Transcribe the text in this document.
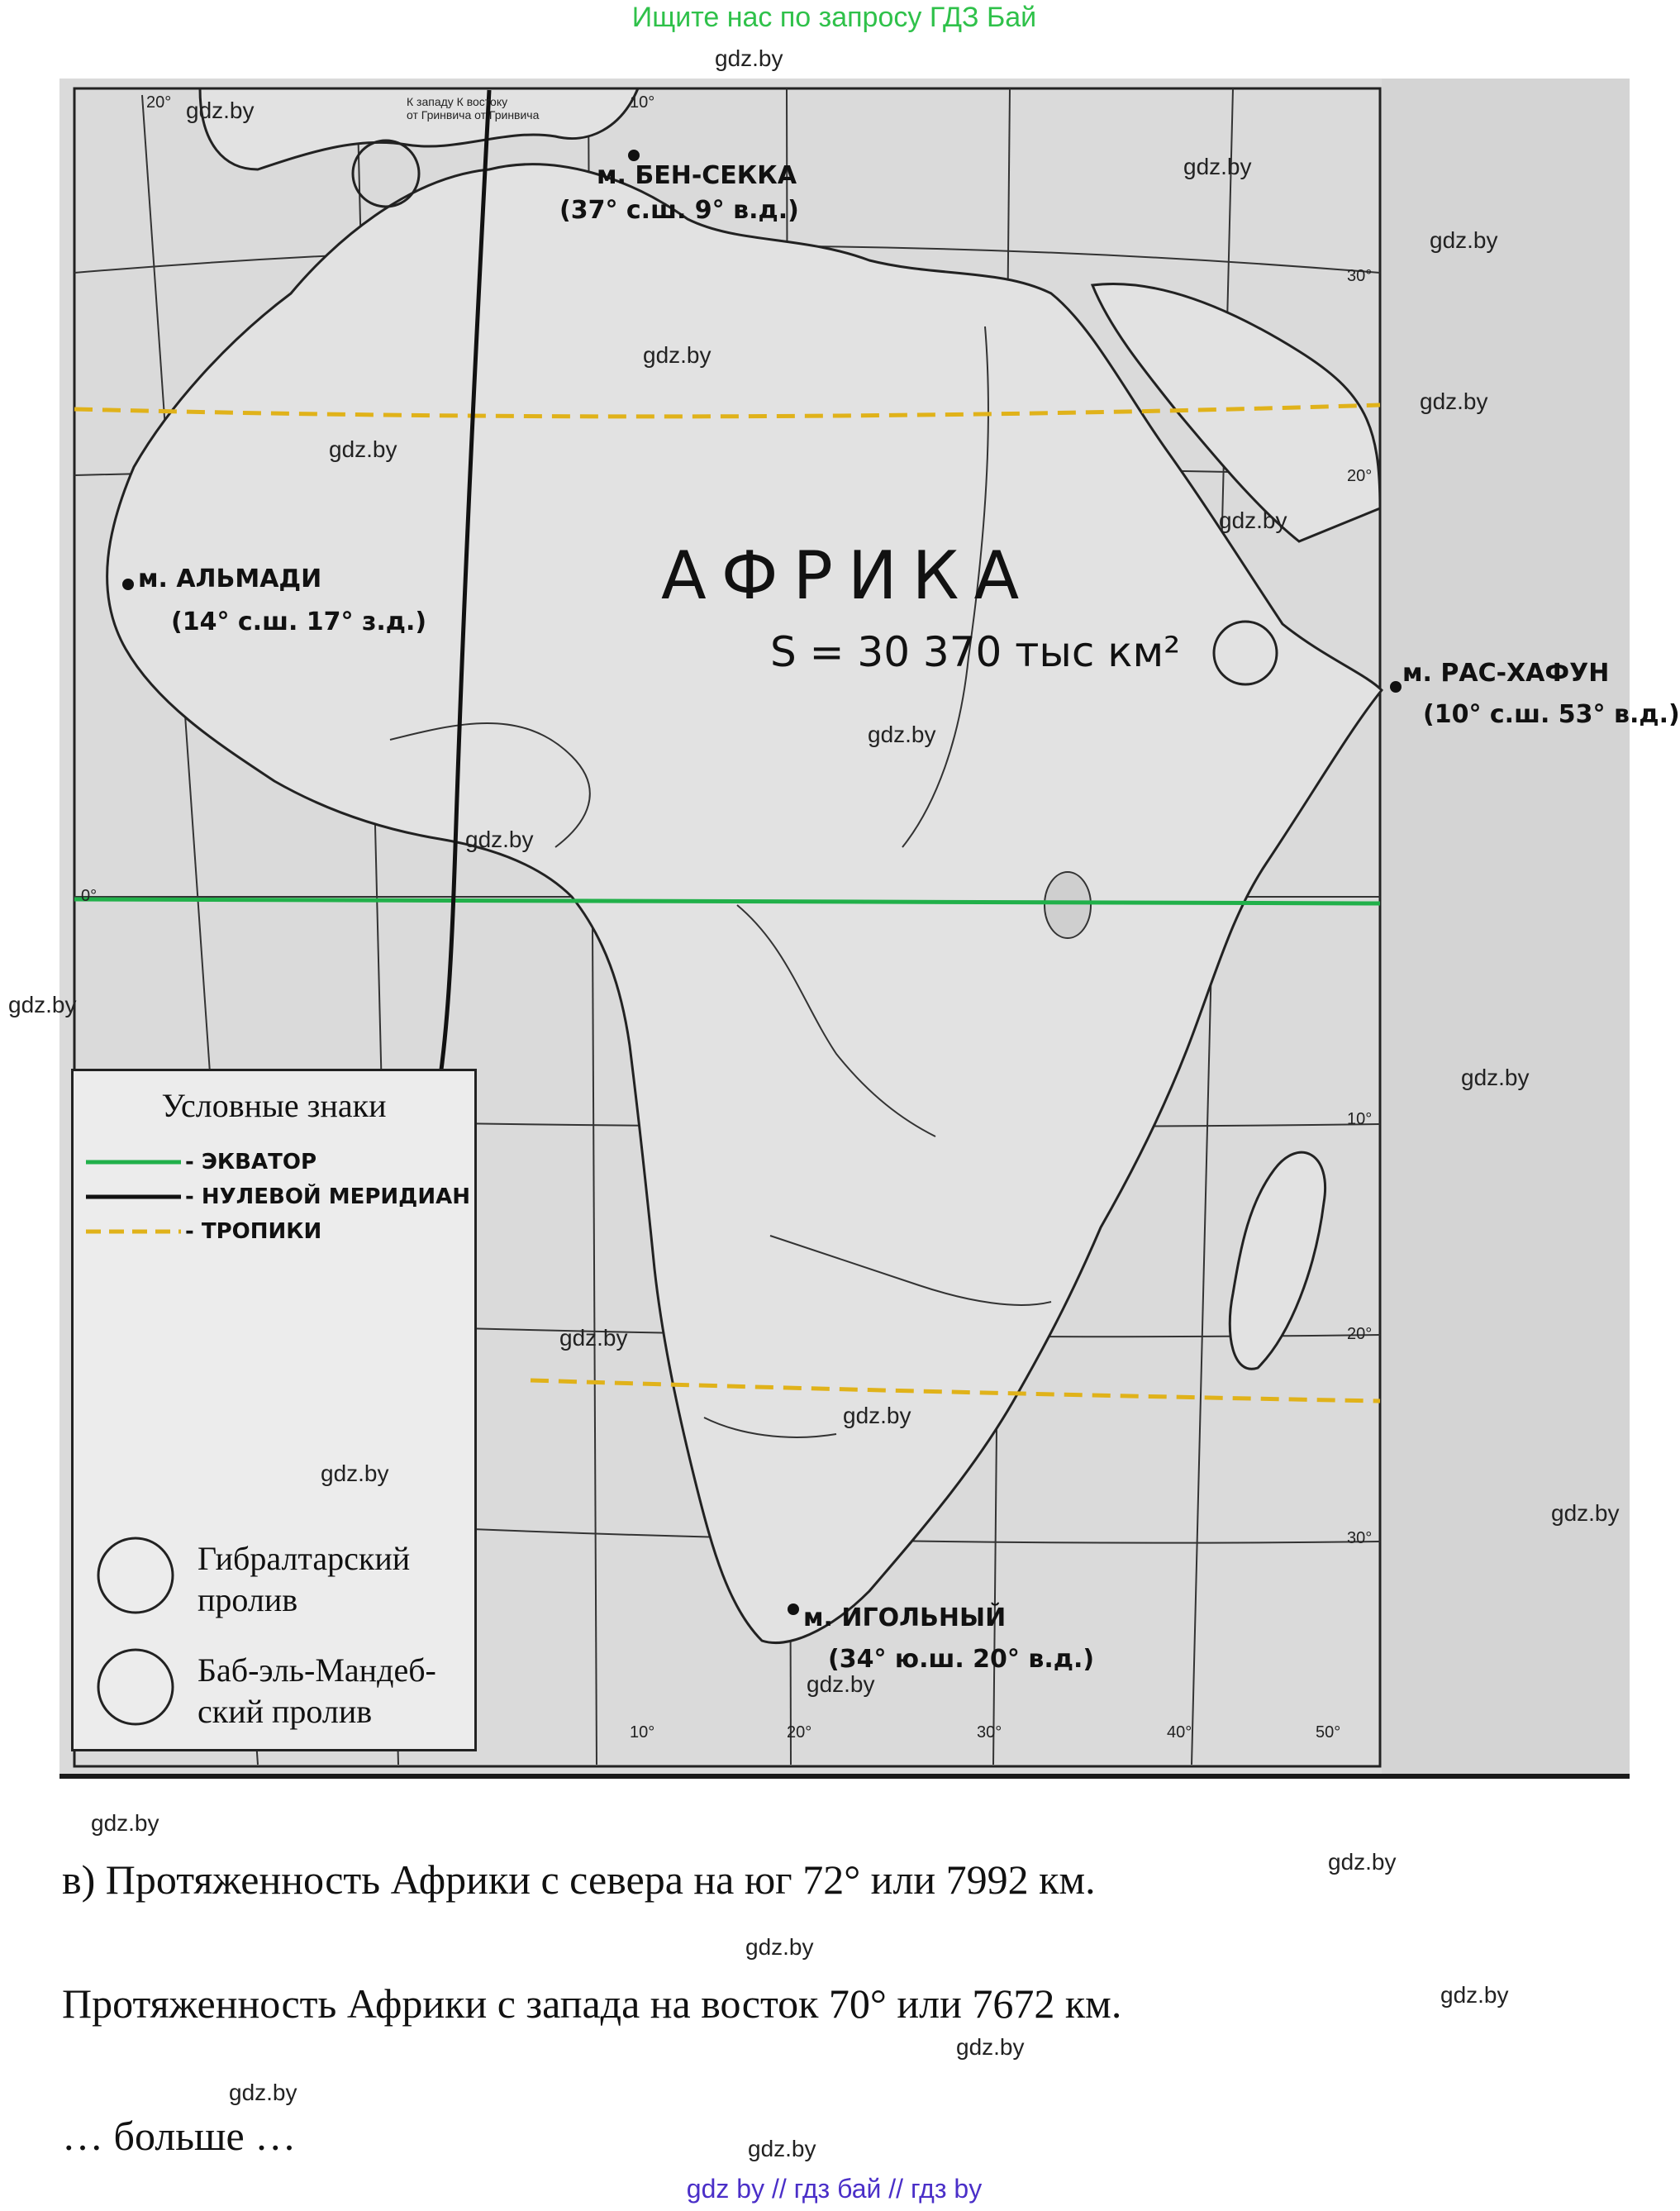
Ищите нас по запросу ГДЗ Бай
30°
20°
0°
10°
20°
30°
20°	10°
10°	20°	30°	40°	50°
К западу К востоку
от Гринвича от Гринвича
АФРИКА
S = 30 370 тыс км²
м. БЕН-СЕККА
(37° с.ш. 9° в.д.)
м. АЛЬМАДИ
(14° с.ш. 17° з.д.)
м. РАС-ХАФУН
(10° с.ш. 53° в.д.)
м. ИГОЛЬНЫЙ
(34° ю.ш. 20° в.д.)
Условные знаки
- ЭКВАТОР
- НУЛЕВОЙ МЕРИДИАН
- ТРОПИКИ
Гибралтарский
пролив
Баб-эль-Мандеб-
ский пролив
gdz.by
gdz.by
gdz.by
gdz.by
gdz.by
gdz.by
gdz.by
gdz.by
gdz.by
gdz.by
gdz.by
gdz.by
gdz.by
gdz.by
gdz.by
gdz.by
gdz.by
gdz.by
gdz.by
gdz.by
gdz.by
gdz.by
gdz.by
gdz.by
в) Протяженность Африки с севера на юг 72° или 7992 км.
Протяженность Африки с запада на восток 70° или 7672 км.
… больше …
gdz by // гдз бай // гдз by
